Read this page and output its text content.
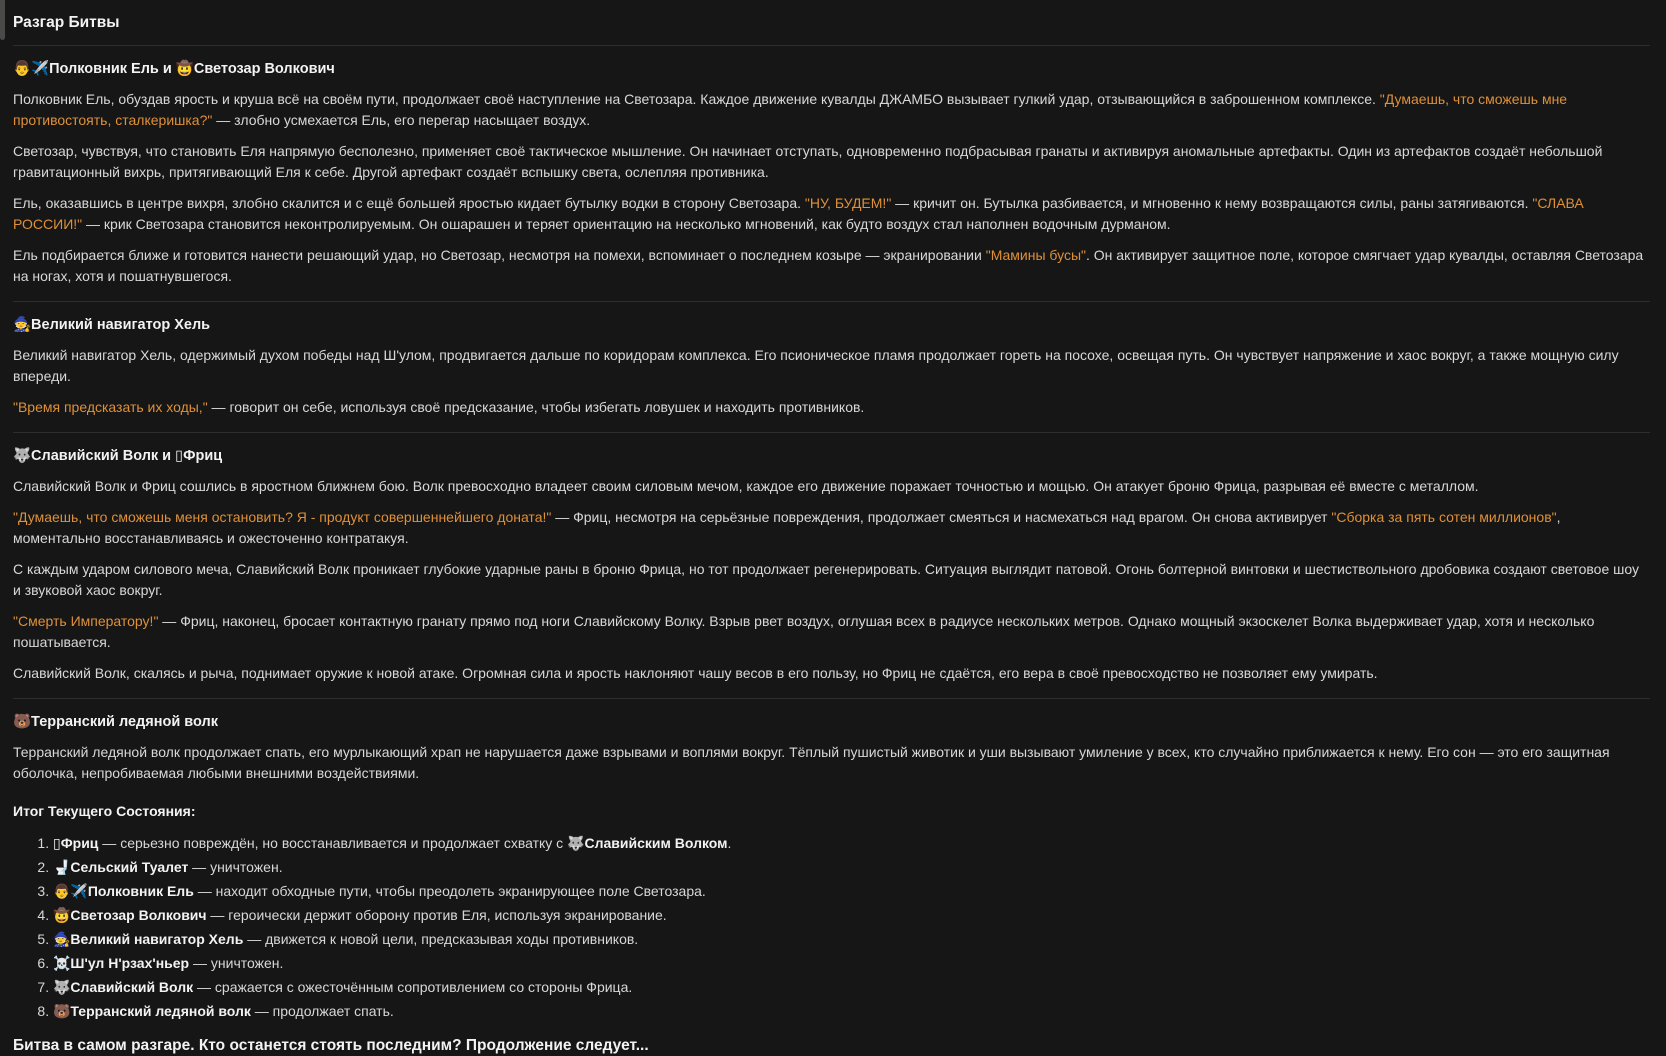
Разгар Битвы
👨✈️Полковник Ель и 🤠Светозар Волкович

Полковник Ель, обуздав ярость и круша всё на своём пути, продолжает своё наступление на Светозара. Каждое движение кувалды ДЖАМБО вызывает гулкий удар, отзывающийся в заброшенном комплексе. "Думаешь, что сможешь мне противостоять, сталкеришка?" — злобно усмехается Ель, его перегар насыщает воздух.

Светозар, чувствуя, что становить Еля напрямую бесполезно, применяет своё тактическое мышление. Он начинает отступать, одновременно подбрасывая гранаты и активируя аномальные артефакты. Один из артефактов создаёт небольшой гравитационный вихрь, притягивающий Еля к себе. Другой артефакт создаёт вспышку света, ослепляя противника.

Ель, оказавшись в центре вихря, злобно скалится и с ещё большей яростью кидает бутылку водки в сторону Светозара. "НУ, БУДЕМ!" — кричит он. Бутылка разбивается, и мгновенно к нему возвращаются силы, раны затягиваются. "СЛАВА РОССИИ!" — крик Светозара становится неконтролируемым. Он ошарашен и теряет ориентацию на несколько мгновений, как будто воздух стал наполнен водочным дурманом.

Ель подбирается ближе и готовится нанести решающий удар, но Светозар, несмотря на помехи, вспоминает о последнем козыре — экранировании "Мамины бусы". Он активирует защитное поле, которое смягчает удар кувалды, оставляя Светозара на ногах, хотя и пошатнувшегося.

🧙Великий навигатор Хель

Великий навигатор Хель, одержимый духом победы над Ш'улом, продвигается дальше по коридорам комплекса. Его псионическое пламя продолжает гореть на посохе, освещая путь. Он чувствует напряжение и хаос вокруг, а также мощную силу впереди.

"Время предсказать их ходы," — говорит он себе, используя своё предсказание, чтобы избегать ловушек и находить противников.

🐺Славийский Волк и ▯Фриц

Славийский Волк и Фриц сошлись в яростном ближнем бою. Волк превосходно владеет своим силовым мечом, каждое его движение поражает точностью и мощью. Он атакует броню Фрица, разрывая её вместе с металлом.

"Думаешь, что сможешь меня остановить? Я - продукт совершеннейшего доната!" — Фриц, несмотря на серьёзные повреждения, продолжает смеяться и насмехаться над врагом. Он снова активирует "Сборка за пять сотен миллионов", моментально восстанавливаясь и ожесточенно контратакуя.

С каждым ударом силового меча, Славийский Волк проникает глубокие ударные раны в броню Фрица, но тот продолжает регенерировать. Ситуация выглядит патовой. Огонь болтерной винтовки и шестиствольного дробовика создают световое шоу и звуковой хаос вокруг.

"Смерть Императору!" — Фриц, наконец, бросает контактную гранату прямо под ноги Славийскому Волку. Взрыв рвет воздух, оглушая всех в радиусе нескольких метров. Однако мощный экзоскелет Волка выдерживает удар, хотя и несколько пошатывается.

Славийский Волк, скалясь и рыча, поднимает оружие к новой атаке. Огромная сила и ярость наклоняют чашу весов в его пользу, но Фриц не сдаётся, его вера в своё превосходство не позволяет ему умирать.

🐻Терранский ледяной волк

Терранский ледяной волк продолжает спать, его мурлыкающий храп не нарушается даже взрывами и воплями вокруг. Тёплый пушистый животик и уши вызывают умиление у всех, кто случайно приближается к нему. Его сон — это его защитная оболочка, непробиваемая любыми внешними воздействиями.

Итог Текущего Состояния:

1. ▯Фриц — серьезно повреждён, но восстанавливается и продолжает схватку с 🐺Славийским Волком.
2. 🚽Сельский Туалет — уничтожен.
3. 👨✈️Полковник Ель — находит обходные пути, чтобы преодолеть экранирующее поле Светозара.
4. 🤠Светозар Волкович — героически держит оборону против Еля, используя экранирование.
5. 🧙Великий навигатор Хель — движется к новой цели, предсказывая ходы противников.
6. ☠️Ш'ул Н'рзах'ньер — уничтожен.
7. 🐺Славийский Волк — сражается с ожесточённым сопротивлением со стороны Фрица.
8. 🐻Терранский ледяной волк — продолжает спать.

Битва в самом разгаре. Кто останется стоять последним? Продолжение следует...
